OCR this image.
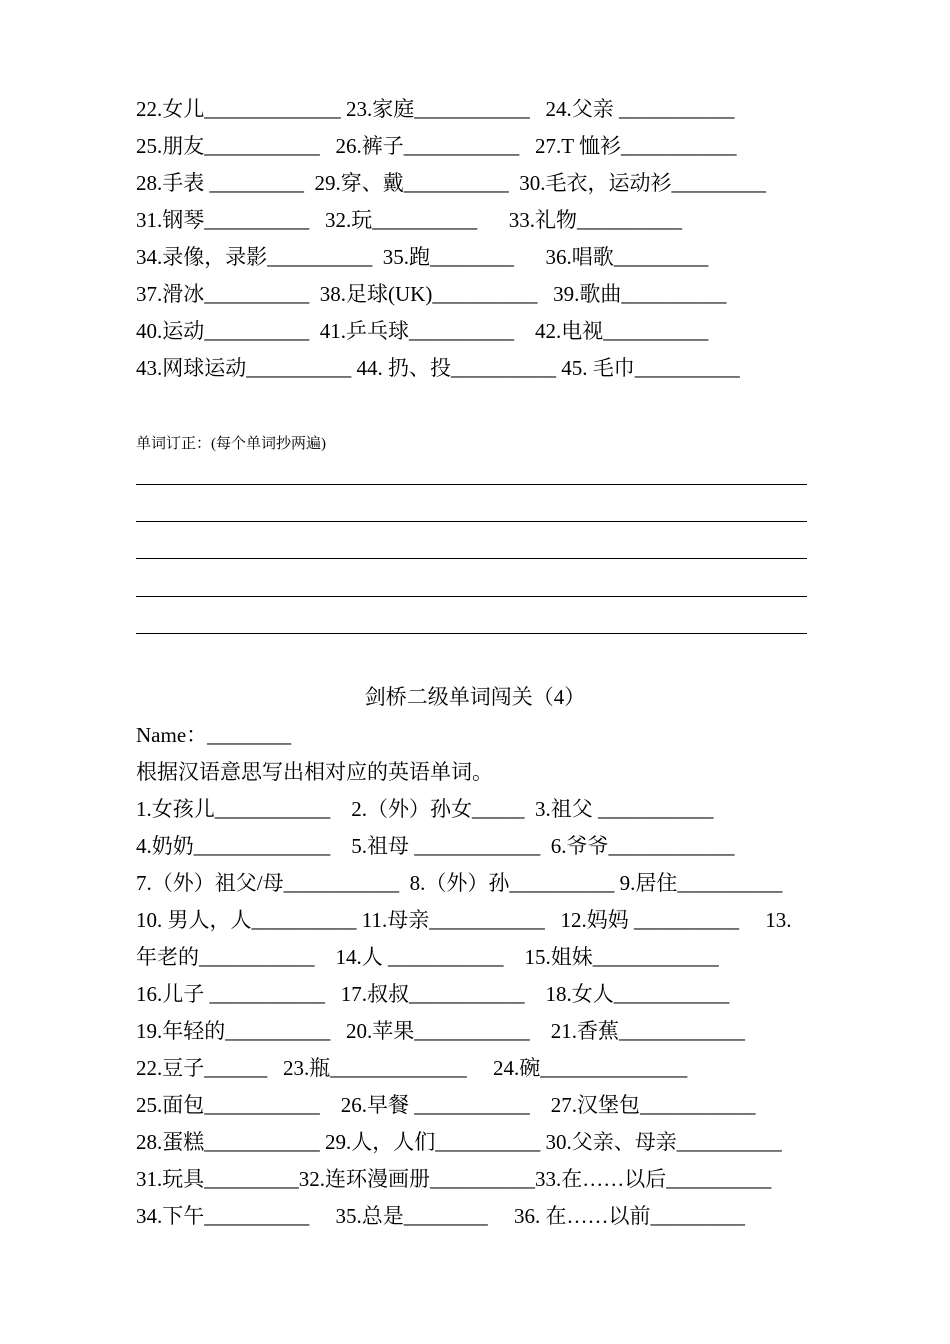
22.女儿_____________ 23.家庭___________   24.父亲 ___________
25.朋友___________   26.裤子___________   27.T 恤衫___________
28.手表 _________  29.穿、戴__________  30.毛衣，运动衫_________
31.钢琴__________   32.玩__________      33.礼物__________
34.录像，录影__________  35.跑________      36.唱歌_________
37.滑冰__________  38.足球(UK)__________   39.歌曲__________
40.运动__________  41.乒乓球__________    42.电视__________
43.网球运动__________ 44. 扔、投__________ 45. 毛巾__________
单词订正：(每个单词抄两遍)
剑桥二级单词闯关（4）
Name：________
根据汉语意思写出相对应的英语单词。
1.女孩儿___________    2.（外）孙女_____  3.祖父 ___________
4.奶奶_____________    5.祖母 ____________  6.爷爷____________
7.（外）祖父/母___________  8.（外）孙__________ 9.居住__________
10. 男人，人__________ 11.母亲___________   12.妈妈 __________     13.
年老的___________    14.人 ___________    15.姐妹____________
16.儿子 ___________   17.叔叔___________    18.女人___________
19.年轻的__________   20.苹果___________    21.香蕉____________
22.豆子______   23.瓶_____________     24.碗______________
25.面包___________    26.早餐 ___________    27.汉堡包___________
28.蛋糕___________ 29.人，人们__________ 30.父亲、母亲__________
31.玩具_________32.连环漫画册__________33.在……以后__________
34.下午__________     35.总是________     36. 在……以前_________
